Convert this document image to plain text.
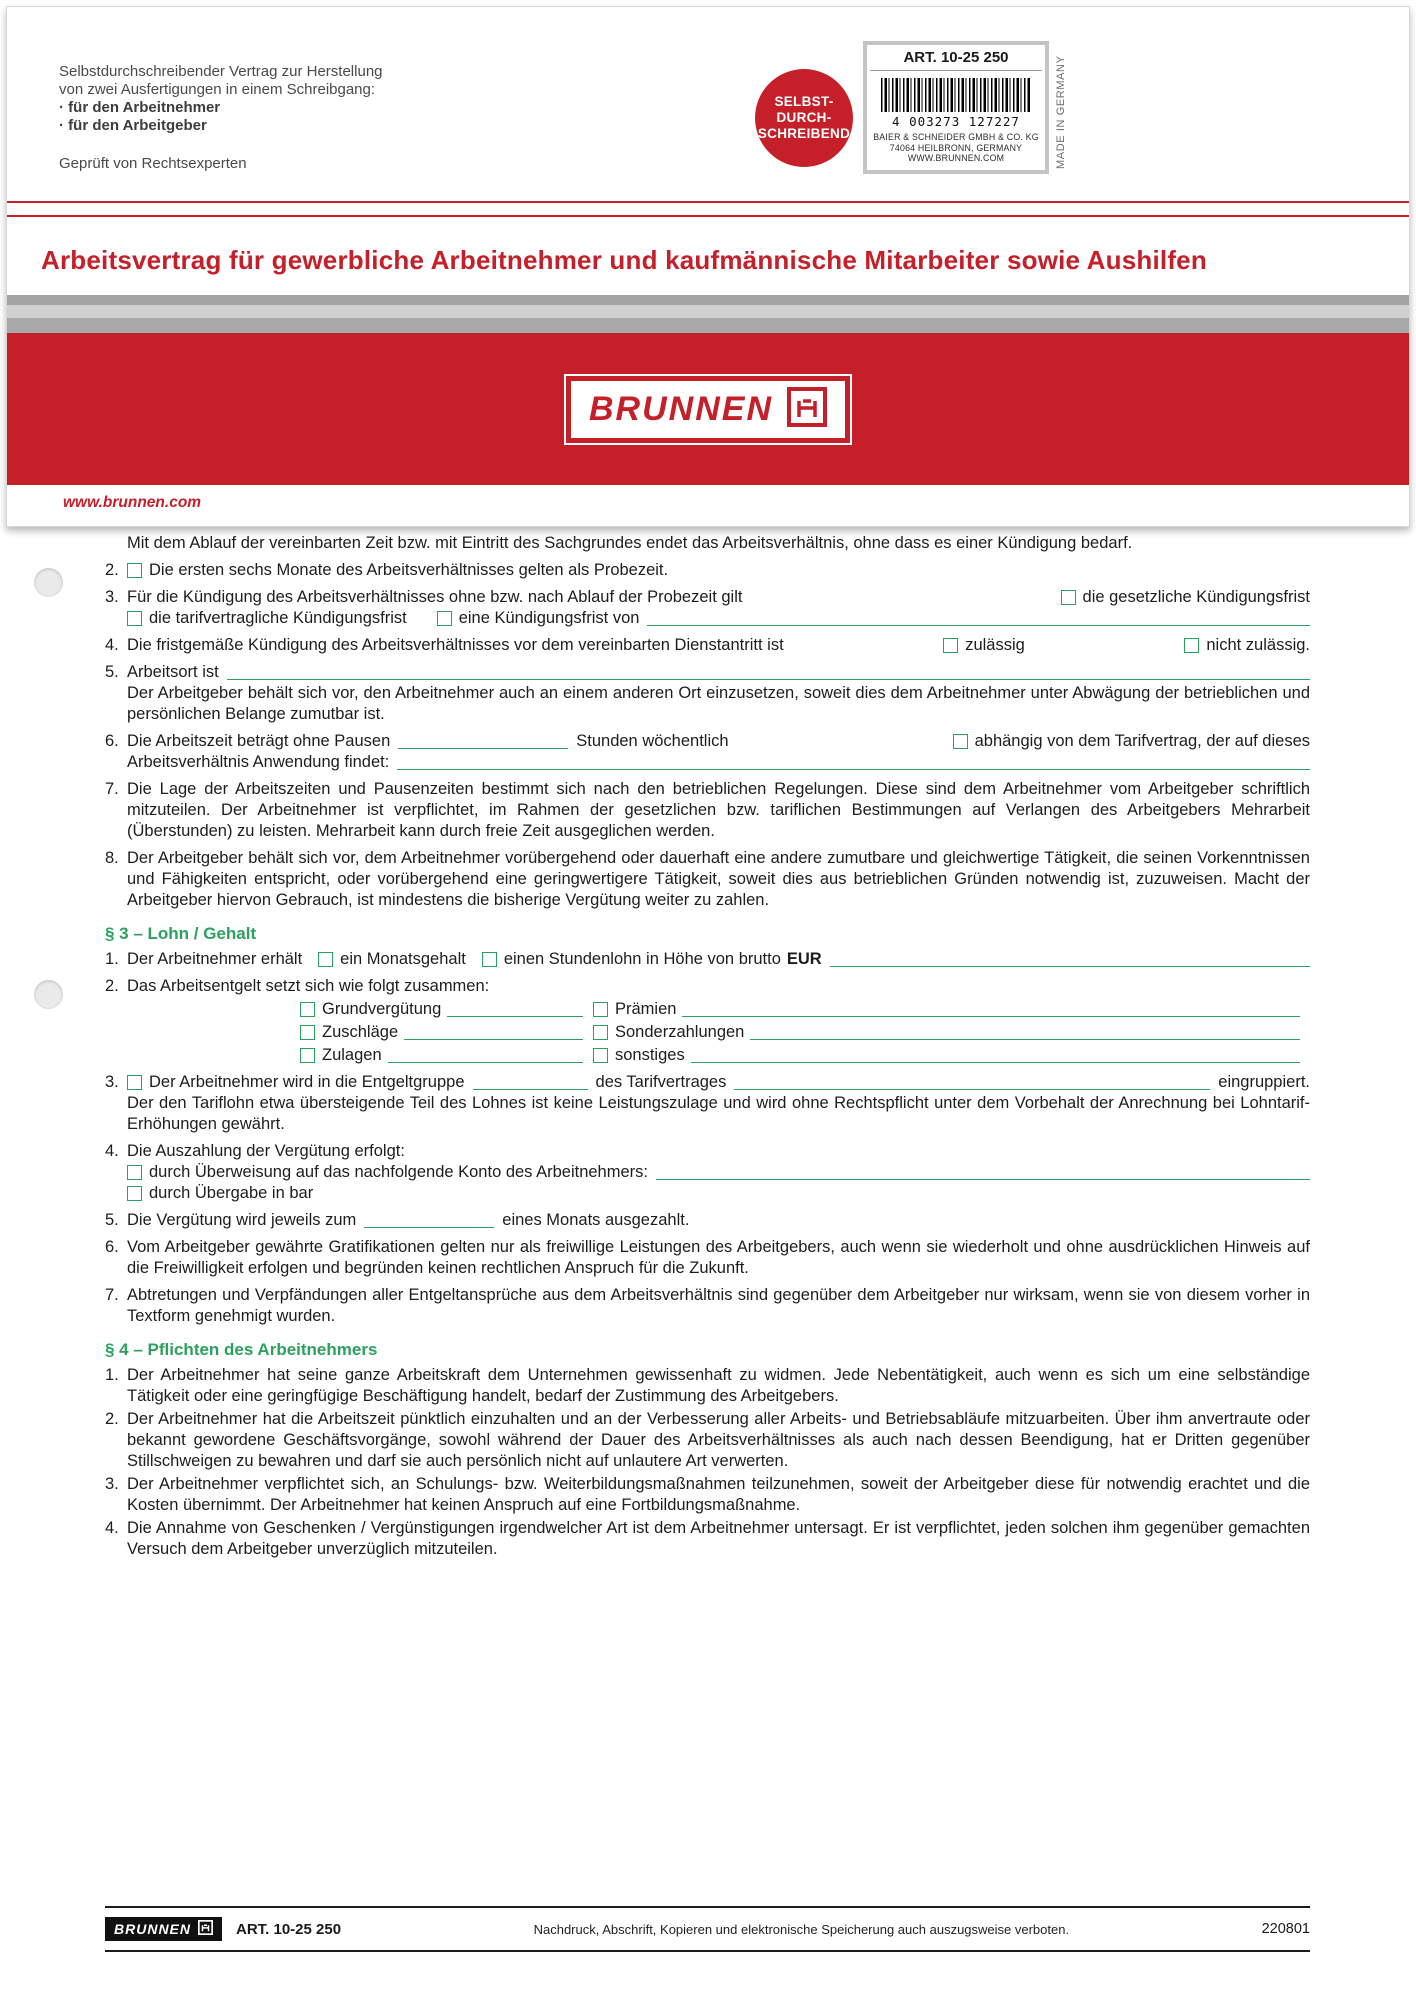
Selbstdurchschreibender Vertrag zur Herstellung
von zwei Ausfertigungen in einem Schreibgang:
· für den Arbeitnehmer
· für den Arbeitgeber
Geprüft von Rechtsexperten
SELBST-
DURCH-
SCHREIBEND
ART. 10-25 250
4 003273 127227
BAIER & SCHNEIDER GMBH & CO. KG
74064 HEILBRONN, GERMANY
WWW.BRUNNEN.COM	MADE IN GERMANY
Arbeitsvertrag für gewerbliche Arbeitnehmer und kaufmännische Mitarbeiter sowie Aushilfen
BRUNNEN
www.brunnen.com
Mit dem Ablauf der vereinbarten Zeit bzw. mit Eintritt des Sachgrundes endet das Arbeitsverhältnis, ohne dass es einer Kündigung bedarf.
2.	Die ersten sechs Monate des Arbeitsverhältnisses gelten als Probezeit.
3. Für die Kündigung des Arbeitsverhältnisses ohne bzw. nach Ablauf der Probezeit gilt	die gesetzliche Kündigungsfrist
die tarifvertragliche Kündigungsfrist	eine Kündigungsfrist von
4. Die fristgemäße Kündigung des Arbeitsverhältnisses vor dem vereinbarten Dienstantritt ist	zulässig	nicht zulässig.
5. Arbeitsort ist
Der Arbeitgeber behält sich vor, den Arbeitnehmer auch an einem anderen Ort einzusetzen, soweit dies dem Arbeitnehmer unter Abwägung der betrieblichen und persönlichen Belange zumutbar ist.
6. Die Arbeitszeit beträgt ohne Pausen	Stunden wöchentlich	abhängig von dem Tarifvertrag, der auf dieses
Arbeitsverhältnis Anwendung findet:
7. Die Lage der Arbeitszeiten und Pausenzeiten bestimmt sich nach den betrieblichen Regelungen. Diese sind dem Arbeitnehmer vom Arbeitgeber schriftlich mitzuteilen. Der Arbeitnehmer ist verpflichtet, im Rahmen der gesetzlichen bzw. tariflichen Bestimmungen auf Verlangen des Arbeitgebers Mehrarbeit (Überstunden) zu leisten. Mehrarbeit kann durch freie Zeit ausgeglichen werden.
8. Der Arbeitgeber behält sich vor, dem Arbeitnehmer vorübergehend oder dauerhaft eine andere zumutbare und gleichwertige Tätigkeit, die seinen Vorkenntnissen und Fähigkeiten entspricht, oder vorübergehend eine geringwertigere Tätigkeit, soweit dies aus betrieblichen Gründen notwendig ist, zuzuweisen. Macht der Arbeitgeber hiervon Gebrauch, ist mindestens die bisherige Vergütung weiter zu zahlen.
§ 3 – Lohn / Gehalt
1. Der Arbeitnehmer erhält ein Monatsgehalt einen Stundenlohn in Höhe von brutto EUR
2. Das Arbeitsentgelt setzt sich wie folgt zusammen:
Grundvergütung	Prämien
Zuschläge	Sonderzahlungen
Zulagen	sonstiges
3.	Der Arbeitnehmer wird in die Entgeltgruppe	des Tarifvertrages	eingruppiert.
Der den Tariflohn etwa übersteigende Teil des Lohnes ist keine Leistungszulage und wird ohne Rechtspflicht unter dem Vorbehalt der Anrechnung bei Lohntarif-Erhöhungen gewährt.
4. Die Auszahlung der Vergütung erfolgt:
durch Überweisung auf das nachfolgende Konto des Arbeitnehmers:
durch Übergabe in bar
5. Die Vergütung wird jeweils zum	eines Monats ausgezahlt.
6. Vom Arbeitgeber gewährte Gratifikationen gelten nur als freiwillige Leistungen des Arbeitgebers, auch wenn sie wiederholt und ohne ausdrücklichen Hinweis auf die Freiwilligkeit erfolgen und begründen keinen rechtlichen Anspruch für die Zukunft.
7. Abtretungen und Verpfändungen aller Entgeltansprüche aus dem Arbeitsverhältnis sind gegenüber dem Arbeitgeber nur wirksam, wenn sie von diesem vorher in Textform genehmigt wurden.
§ 4 – Pflichten des Arbeitnehmers
1. Der Arbeitnehmer hat seine ganze Arbeitskraft dem Unternehmen gewissenhaft zu widmen. Jede Nebentätigkeit, auch wenn es sich um eine selbständige Tätigkeit oder eine geringfügige Beschäftigung handelt, bedarf der Zustimmung des Arbeitgebers.
2. Der Arbeitnehmer hat die Arbeitszeit pünktlich einzuhalten und an der Verbesserung aller Arbeits- und Betriebsabläufe mitzuarbeiten. Über ihm anvertraute oder bekannt gewordene Geschäftsvorgänge, sowohl während der Dauer des Arbeitsverhältnisses als auch nach dessen Beendigung, hat er Dritten gegenüber Stillschweigen zu bewahren und darf sie auch persönlich nicht auf unlautere Art verwerten.
3. Der Arbeitnehmer verpflichtet sich, an Schulungs- bzw. Weiterbildungsmaßnahmen teilzunehmen, soweit der Arbeitgeber diese für notwendig erachtet und die Kosten übernimmt. Der Arbeitnehmer hat keinen Anspruch auf eine Fortbildungsmaßnahme.
4. Die Annahme von Geschenken / Vergünstigungen irgendwelcher Art ist dem Arbeitnehmer untersagt. Er ist verpflichtet, jeden solchen ihm gegenüber gemachten Versuch dem Arbeitgeber unverzüglich mitzuteilen.
BRUNNEN	ART. 10-25 250	Nachdruck, Abschrift, Kopieren und elektronische Speicherung auch auszugsweise verboten.	220801
